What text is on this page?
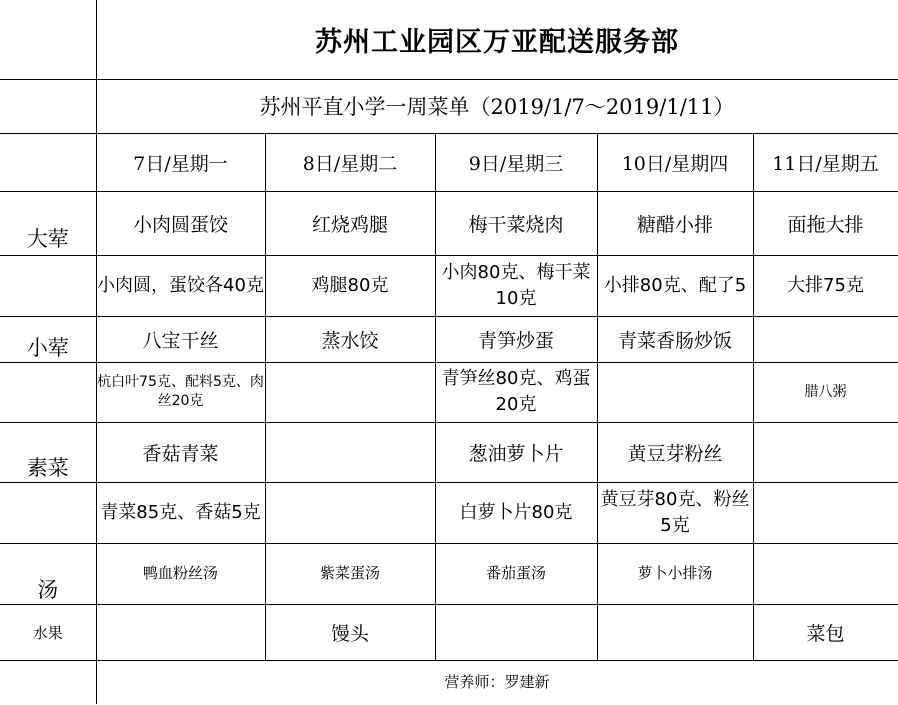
	苏州工业园区万亚配送服务部				
	苏州平直小学一周菜单（2019/1/7～2019/1/11）				
	7日/星期一	8日/星期二	9日/星期三	10日/星期四	11日/星期五
大荤	小肉圆蛋饺	红烧鸡腿	梅干菜烧肉	糖醋小排	面拖大排
	小肉圆，蛋饺各40克	鸡腿80克	小肉80克、梅干菜10克	小排80克、配了5	大排75克
小荤	八宝干丝	蒸水饺	青笋炒蛋	青菜香肠炒饭	
	杭白叶75克、配料5克、肉丝20克		青笋丝80克、鸡蛋20克		腊八粥
素菜	香菇青菜		葱油萝卜片	黄豆芽粉丝	
	青菜85克、香菇5克		白萝卜片80克	黄豆芽80克、粉丝5克	
汤	鸭血粉丝汤	紫菜蛋汤	番茄蛋汤	萝卜小排汤	
水果		馒头			菜包
	营养师：罗建新				
